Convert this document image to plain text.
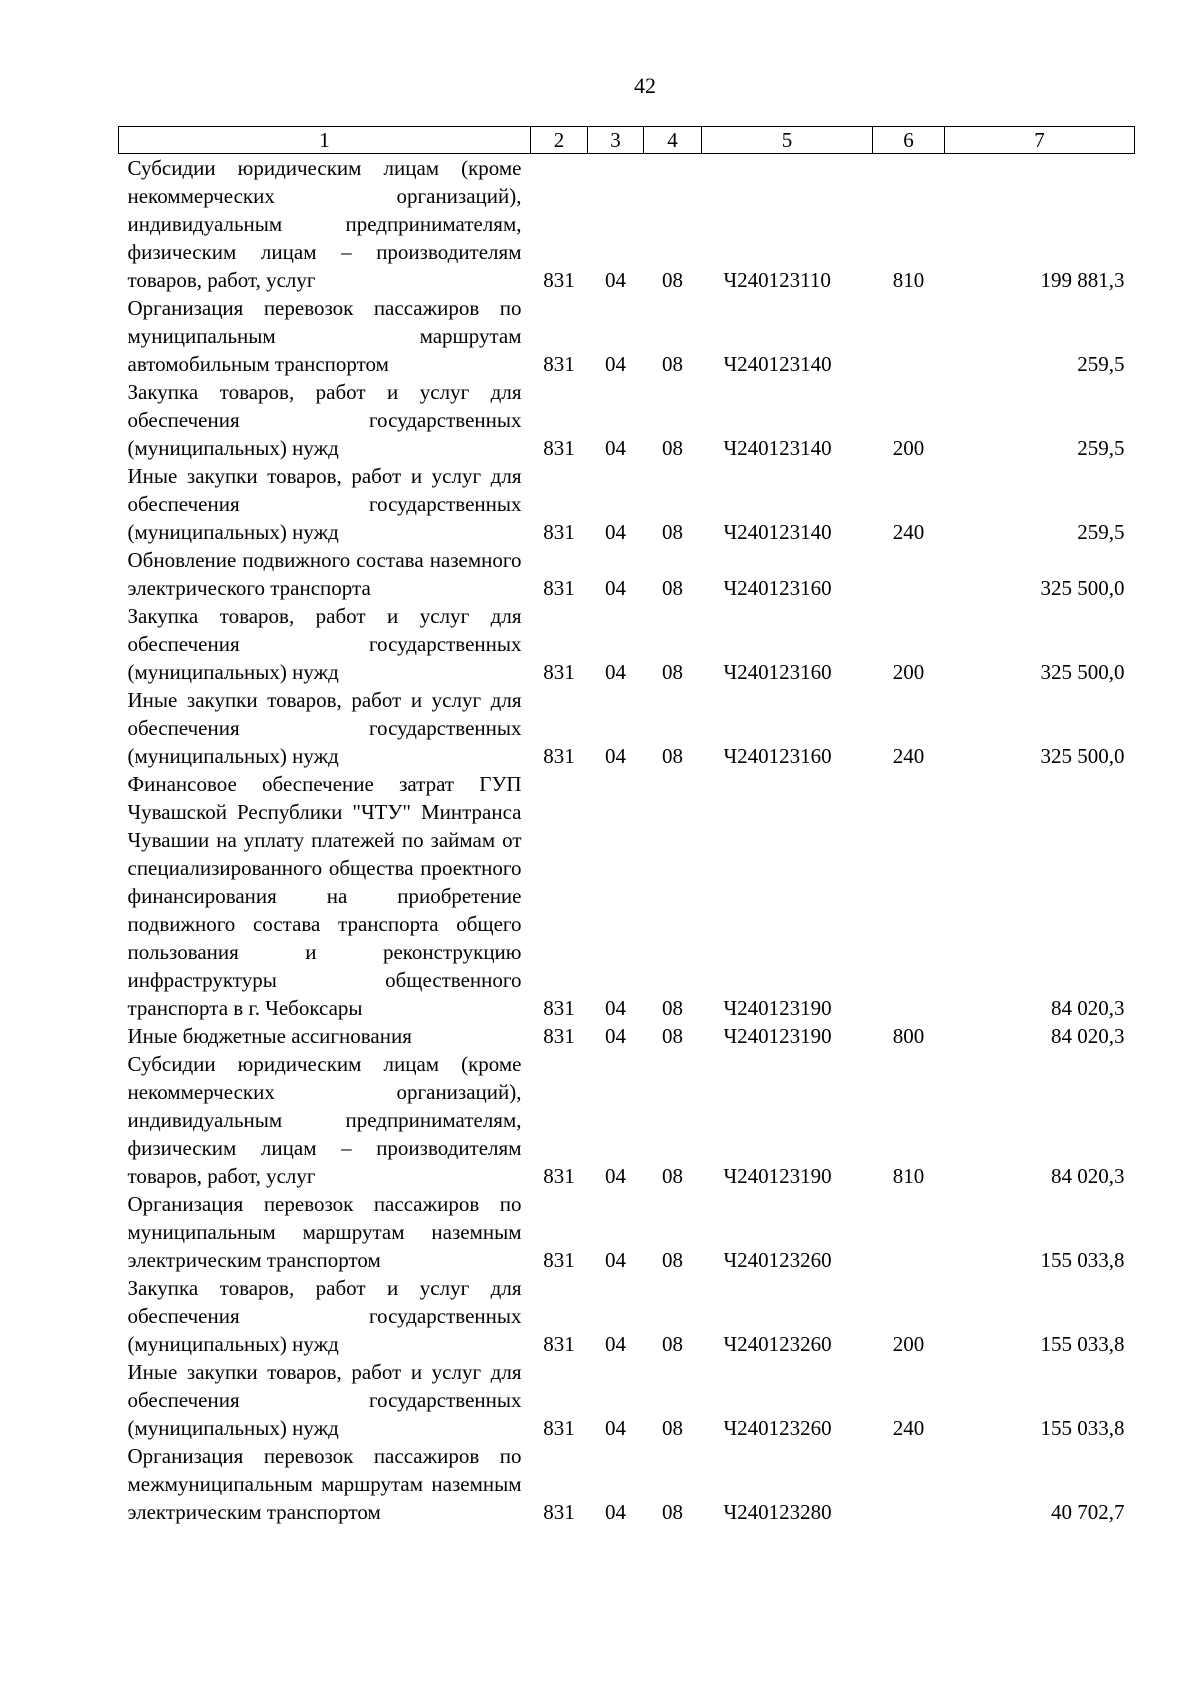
42
1	2	3	4	5	6	7
Субсидии юридическим лицам (кроме некоммерческих организаций), индивидуальным предпринимателям, физическим лицам – производителям товаров, работ, услуг	831	04	08	Ч240123110	810	199 881,3
Организация перевозок пассажиров по муниципальным маршрутам автомобильным транспортом	831	04	08	Ч240123140		259,5
Закупка товаров, работ и услуг для обеспечения государственных (муниципальных) нужд	831	04	08	Ч240123140	200	259,5
Иные закупки товаров, работ и услуг для обеспечения государственных (муниципальных) нужд	831	04	08	Ч240123140	240	259,5
Обновление подвижного состава наземного электрического транспорта	831	04	08	Ч240123160		325 500,0
Закупка товаров, работ и услуг для обеспечения государственных (муниципальных) нужд	831	04	08	Ч240123160	200	325 500,0
Иные закупки товаров, работ и услуг для обеспечения государственных (муниципальных) нужд	831	04	08	Ч240123160	240	325 500,0
Финансовое обеспечение затрат ГУП Чувашской Республики "ЧТУ" Минтранса Чувашии на уплату платежей по займам от специализированного общества проектного финансирования на приобретение подвижного состава транспорта общего пользования и реконструкцию инфраструктуры общественного транспорта в г. Чебоксары	831	04	08	Ч240123190		84 020,3
Иные бюджетные ассигнования	831	04	08	Ч240123190	800	84 020,3
Субсидии юридическим лицам (кроме некоммерческих организаций), индивидуальным предпринимателям, физическим лицам – производителям товаров, работ, услуг	831	04	08	Ч240123190	810	84 020,3
Организация перевозок пассажиров по муниципальным маршрутам наземным электрическим транспортом	831	04	08	Ч240123260		155 033,8
Закупка товаров, работ и услуг для обеспечения государственных (муниципальных) нужд	831	04	08	Ч240123260	200	155 033,8
Иные закупки товаров, работ и услуг для обеспечения государственных (муниципальных) нужд	831	04	08	Ч240123260	240	155 033,8
Организация перевозок пассажиров по межмуниципальным маршрутам наземным электрическим транспортом	831	04	08	Ч240123280		40 702,7
